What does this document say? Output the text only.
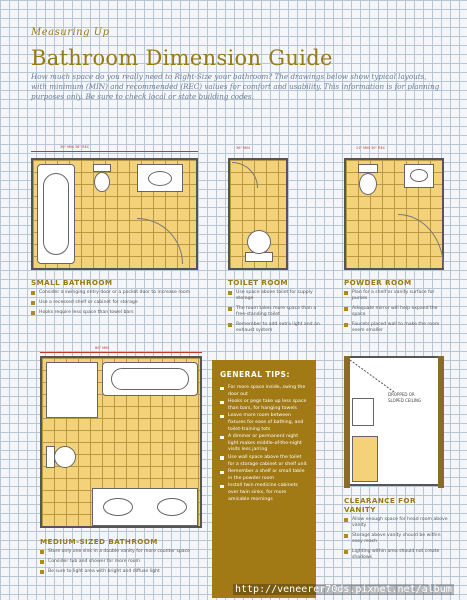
Measuring Up
Bathroom Dimension Guide
How much space do you really need to Right-Size your bathroom? The drawings below show typical layouts, with minimum (MIN) and recommended (REC) values for comfort and usability. This information is for planning purposes only. Be sure to check local or state building codes.
30" MIN 36" REC	36" MIN	21" MIN 30" REC
SMALL BATHROOM
Consider a swinging entry door or a pocket door to increase room
Use a recessed shelf or cabinet for storage
Hooks require less space than towel bars
TOILET ROOM
Use space above toilet for supply storage
The room takes more space than a free-standing toilet
Remember to add extra light and an exhaust system
POWDER ROOM
Plan for a shelf or vanity surface for purses
Adequate mirror will help expand the space
Faucets placed wall to make the room seem smaller
60" MIN
MEDIUM-SIZED BATHROOM
Store only one sink in a double vanity for more counter space
Consider tub and shower for more room
Be sure to light area with bright and diffuse light
GENERAL TIPS:
For more space inside, swing the door out
Hooks or pegs take up less space than bars, for hanging towels
Leave more room between fixtures for ease of bathing, and toilet-training tots
A dimmer or permanent night light makes middle-of-the-night visits less jarring
Use wall space above the toilet for a storage cabinet or shelf unit
Remember a shelf or small table in the powder room
Install twin medicine cabinets over twin sinks, for more amicable mornings
DROPPED OR
SLOPED CEILING
CLEARANCE FOR VANITY
Allow enough space for head room above vanity
Storage above vanity should be within easy reach
Lighting within area should not create shadows
http://veneerer70ds.pixnet.net/album
